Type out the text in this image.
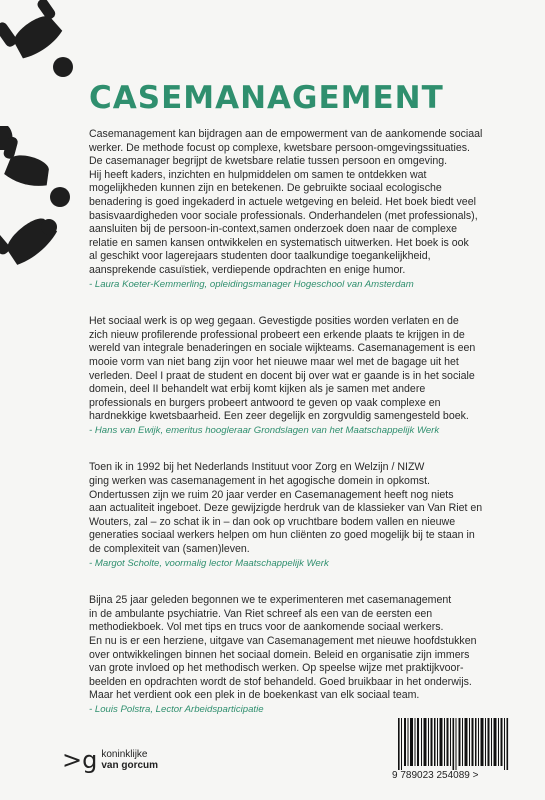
CASEMANAGEMENT

Casemanagement kan bijdragen aan de empowerment van de aankomende sociaal

werker. De methode focust op complexe, kwetsbare persoon-omgevingssituaties.

De casemanager begrijpt de kwetsbare relatie tussen persoon en omgeving.

Hij heeft kaders, inzichten en hulpmiddelen om samen te ontdekken wat

mogelijkheden kunnen zijn en betekenen. De gebruikte sociaal ecologische

benadering is goed ingekaderd in actuele wetgeving en beleid. Het boek biedt veel

basisvaardigheden voor sociale professionals. Onderhandelen (met professionals),

aansluiten bij de persoon-in-context,samen onderzoek doen naar de complexe

relatie en samen kansen ontwikkelen en systematisch uitwerken. Het boek is ook

al geschikt voor lagerejaars studenten door taalkundige toegankelijkheid,

aansprekende casuïstiek, verdiepende opdrachten en enige humor.

- Laura Koeter-Kemmerling, opleidingsmanager Hogeschool van Amsterdam

Het sociaal werk is op weg gegaan. Gevestigde posities worden verlaten en de

zich nieuw profilerende professional probeert een erkende plaats te krijgen in de

wereld van integrale benaderingen en sociale wijkteams. Casemanagement is een

mooie vorm van niet bang zijn voor het nieuwe maar wel met de bagage uit het

verleden. Deel I praat de student en docent bij over wat er gaande is in het sociale

domein, deel II behandelt wat erbij komt kijken als je samen met andere

professionals en burgers probeert antwoord te geven op vaak complexe en

hardnekkige kwetsbaarheid. Een zeer degelijk en zorgvuldig samengesteld boek.

- Hans van Ewijk, emeritus hoogleraar Grondslagen van het Maatschappelijk Werk

Toen ik in 1992 bij het Nederlands Instituut voor Zorg en Welzijn / NIZW

ging werken was casemanagement in het agogische domein in opkomst.

Ondertussen zijn we ruim 20 jaar verder en Casemanagement heeft nog niets

aan actualiteit ingeboet. Deze gewijzigde herdruk van de klassieker van Van Riet en

Wouters, zal – zo schat ik in – dan ook op vruchtbare bodem vallen en nieuwe

generaties sociaal werkers helpen om hun cliënten zo goed mogelijk bij te staan in

de complexiteit van (samen)leven.

- Margot Scholte, voormalig lector Maatschappelijk Werk

Bijna 25 jaar geleden begonnen we te experimenteren met casemanagement

in de ambulante psychiatrie. Van Riet schreef als een van de eersten een

methodiekboek. Vol met tips en trucs voor de aankomende sociaal werkers.

En nu is er een herziene, uitgave van Casemanagement met nieuwe hoofdstukken

over ontwikkelingen binnen het sociaal domein. Beleid en organisatie zijn immers

van grote invloed op het methodisch werken. Op speelse wijze met praktijkvoor-

beelden en opdrachten wordt de stof behandeld. Goed bruikbaar in het onderwijs.

Maar het verdient ook een plek in de boekenkast van elk sociaal team.

- Louis Polstra, Lector Arbeidsparticipatie

>g koninklijke
van gorcum
9 789023 254089 >
